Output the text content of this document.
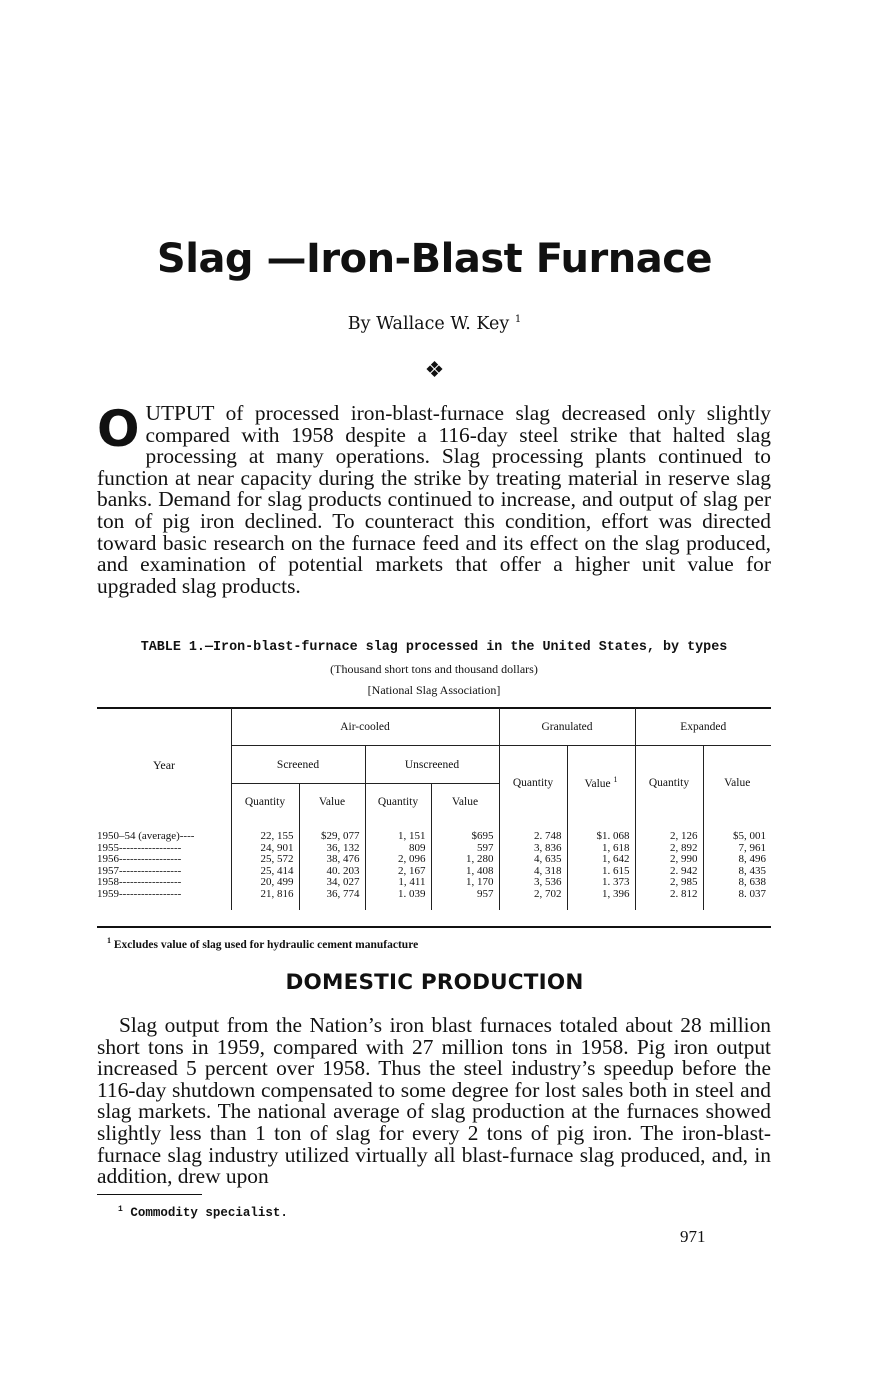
Slag —Iron-Blast Furnace
By Wallace W. Key $^1$
❖
OUTPUT of processed iron-blast-furnace slag decreased only slightly compared with 1958 despite a 116-day steel strike that halted slag processing at many operations. Slag processing plants continued to function at near capacity during the strike by treating material in reserve slag banks. Demand for slag products continued to increase, and output of slag per ton of pig iron declined. To counteract this condition, effort was directed toward basic research on the furnace feed and its effect on the slag produced, and examination of potential markets that offer a higher unit value for upgraded slag products.
TABLE 1.—Iron-blast-furnace slag processed in the United States, by types
(Thousand short tons and thousand dollars)
[National Slag Association]
	Air-cooled				Granulated		Expanded	
	Screened		Unscreened		Quantity	Value $^1$	Quantity	Value
	Quantity	Value	Quantity	Value				
1950–54 (average)----	22, 155	$29, 077	1, 151	$695	2. 748	$1. 068	2, 126	$5, 001
1955-----------------	24, 901	36, 132	809	597	3, 836	1, 618	2, 892	7, 961
1956-----------------	25, 572	38, 476	2, 096	1, 280	4, 635	1, 642	2, 990	8, 496
1957-----------------	25, 414	40. 203	2, 167	1, 408	4, 318	1. 615	2. 942	8, 435
1958-----------------	20, 499	34, 027	1, 411	1, 170	3, 536	1. 373	2, 985	8, 638
1959-----------------	21, 816	36, 774	1. 039	957	2, 702	1, 396	2. 812	8. 037
Year
$^1$ Excludes value of slag used for hydraulic cement manufacture
DOMESTIC PRODUCTION
Slag output from the Nation’s iron blast furnaces totaled about 28 million short tons in 1959, compared with 27 million tons in 1958. Pig iron output increased 5 percent over 1958. Thus the steel industry’s speedup before the 116-day shutdown compensated to some degree for lost sales both in steel and slag markets. The national average of slag production at the furnaces showed slightly less than 1 ton of slag for every 2 tons of pig iron. The iron-blast-furnace slag industry utilized virtually all blast-furnace slag produced, and, in addition, drew upon
$^1$ Commodity specialist.
971
